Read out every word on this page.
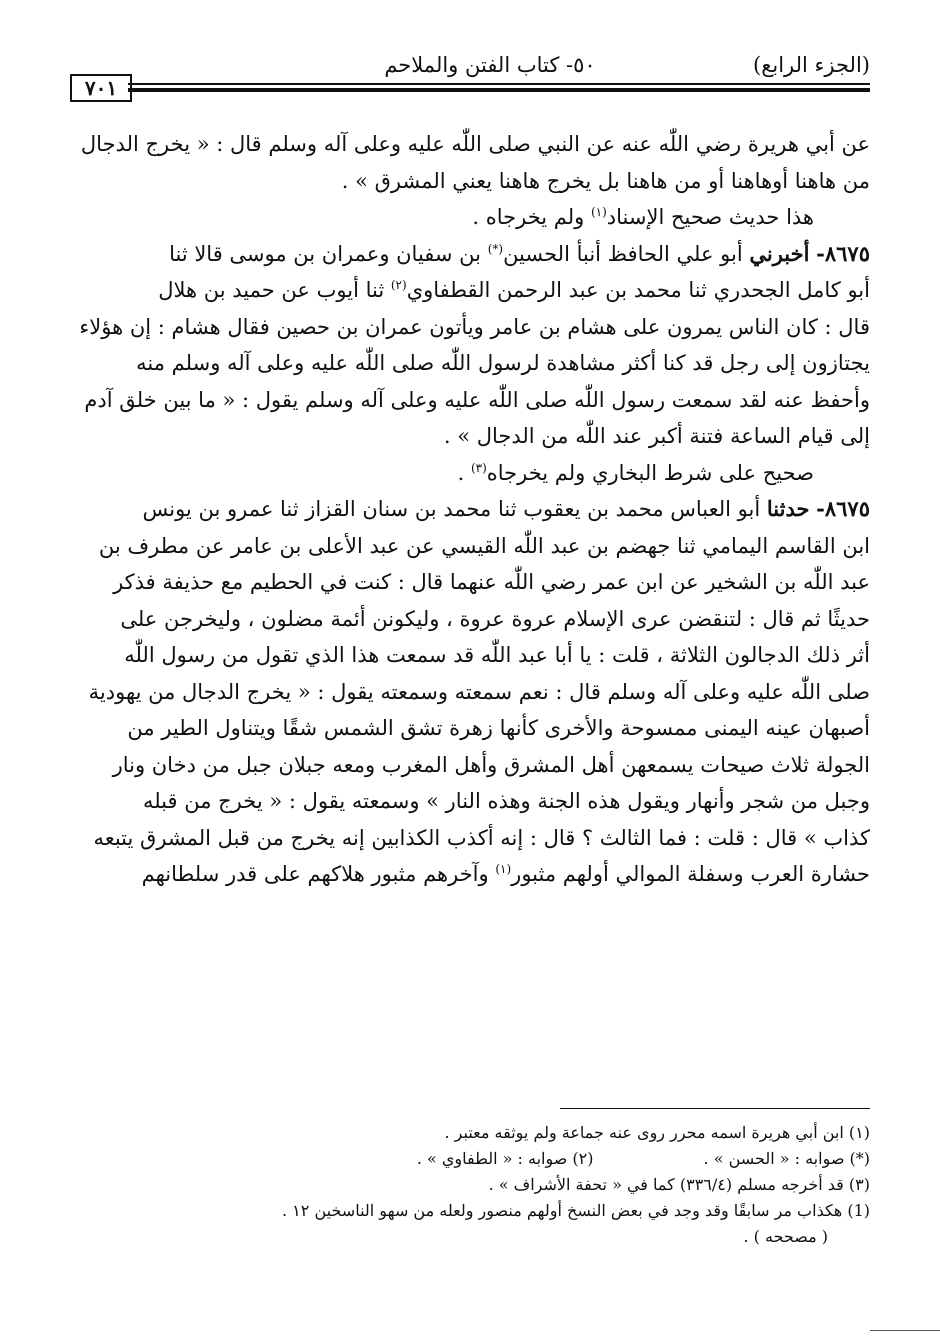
(الجزء الرابع)
٥٠- كتاب الفتن والملاحم
٧٠١
عن أبي هريرة رضي اللّٰه عنه عن النبي صلى اللّٰه عليه وعلى آله وسلم قال : « يخرج الدجال
من هاهنا أوهاهنا أو من هاهنا بل يخرج هاهنا يعني المشرق » .
هذا حديث صحيح الإسناد$^{(١)}$ ولم يخرجاه .
٨٦٧٥- أخبرني أبو علي الحافظ أنبأ الحسين(*) بن سفيان وعمران بن موسى قالا ثنا
أبو كامل الجحدري ثنا محمد بن عبد الرحمن القطفاوي$^{(٢)}$ ثنا أيوب عن حميد بن هلال
قال : كان الناس يمرون على هشام بن عامر ويأتون عمران بن حصين فقال هشام : إن هؤلاء
يجتازون إلى رجل قد كنا أكثر مشاهدة لرسول اللّٰه صلى اللّٰه عليه وعلى آله وسلم منه
وأحفظ عنه لقد سمعت رسول اللّٰه صلى اللّٰه عليه وعلى آله وسلم يقول : « ما بين خلق آدم
إلى قيام الساعة فتنة أكبر عند اللّٰه من الدجال » .
صحيح على شرط البخاري ولم يخرجاه$^{(٣)}$ .
٨٦٧٥- حدثنا أبو العباس محمد بن يعقوب ثنا محمد بن سنان القزاز ثنا عمرو بن يونس
ابن القاسم اليمامي ثنا جهضم بن عبد اللّٰه القيسي عن عبد الأعلى بن عامر عن مطرف بن
عبد اللّٰه بن الشخير عن ابن عمر رضي اللّٰه عنهما قال : كنت في الحطيم مع حذيفة فذكر
حديثًا ثم قال : لتنقضن عرى الإسلام عروة عروة ، وليكونن أئمة مضلون ، وليخرجن على
أثر ذلك الدجالون الثلاثة ، قلت : يا أبا عبد اللّٰه قد سمعت هذا الذي تقول من رسول اللّٰه
صلى اللّٰه عليه وعلى آله وسلم قال : نعم سمعته وسمعته يقول : « يخرج الدجال من يهودية
أصبهان عينه اليمنى ممسوحة والأخرى كأنها زهرة تشق الشمس شقًا ويتناول الطير من
الجولة ثلاث صيحات يسمعهن أهل المشرق وأهل المغرب ومعه جبلان جبل من دخان ونار
وجبل من شجر وأنهار ويقول هذه الجنة وهذه النار » وسمعته يقول : « يخرج من قبله
كذاب » قال : قلت : فما الثالث ؟ قال : إنه أكذب الكذابين إنه يخرج من قبل المشرق يتبعه
حشارة العرب وسفلة الموالي أولهم مثبور$^{(١)}$ وآخرهم مثبور هلاكهم على قدر سلطانهم
(١) ابن أبي هريرة اسمه محرر روى عنه جماعة ولم يوثقه معتبر .
(*) صوابه : « الحسن » .
(٢) صوابه : « الطفاوي » .
(٣) قد أخرجه مسلم (٣٣٦/٤) كما في « تحفة الأشراف » .
(1) هكذاب مر سابقًا وقد وجد في بعض النسخ أولهم منصور ولعله من سهو الناسخين ١٢ .
( مصححه ) .
